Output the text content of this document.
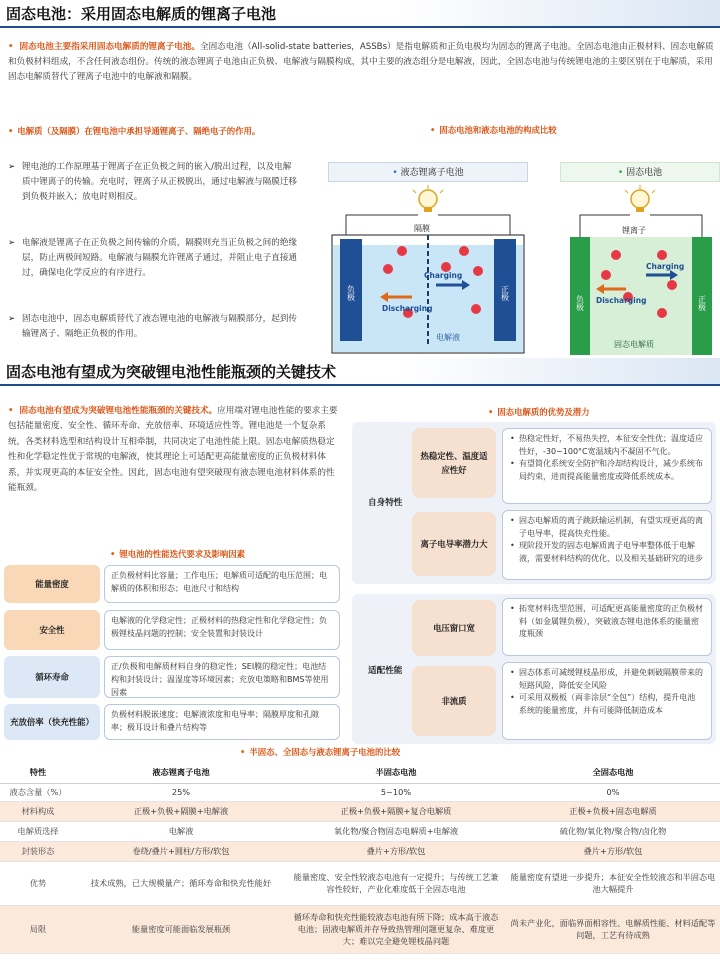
固态电池：采用固态电解质的锂离子电池
• 固态电池主要指采用固态电解质的锂离子电池。全固态电池（All-solid-state batteries，ASSBs）是指电解质和正负电极均为固态的锂离子电池。全固态电池由正极材料、固态电解质和负极材料组成，不含任何液态组份。传统的液态锂离子电池由正负极、电解液与隔膜构成，其中主要的液态组分是电解液，因此，全固态电池与传统锂电池的主要区别在于电解质，采用固态电解质替代了锂离子电池中的电解液和隔膜。
• 电解质（及隔膜）在锂电池中承担导通锂离子、隔绝电子的作用。
➢ 锂电池的工作原理基于锂离子在正负极之间的嵌入/脱出过程，以及电解质中锂离子的传输。充电时，锂离子从正极脱出，通过电解液与隔膜迁移到负极并嵌入；放电时则相反。
➢ 电解液是锂离子在正负极之间传输的介质，隔膜则充当正负极之间的绝缘层，防止两极间短路。电解液与隔膜允许锂离子通过，并阻止电子直接通过，确保电化学反应的有序进行。
➢ 固态电池中，固态电解质替代了液态锂电池的电解液与隔膜部分，起到传输锂离子、隔绝正负极的作用。
• 固态电池和液态电池的构成比较
• 液态锂离子电池
负极	正极
隔膜
Charging
Discharging
电解液
• 固态电池
锂离子
负极	正极
Charging
Discharging
固态电解质
固态电池有望成为突破锂电池性能瓶颈的关键技术
• 固态电池有望成为突破锂电池性能瓶颈的关键技术。应用端对锂电池性能的要求主要包括能量密度、安全性、循环寿命、充放倍率、环境适应性等。锂电池是一个复杂系统，各类材料选型和结构设计互相牵制，共同决定了电池性能上限。固态电解质热稳定性和化学稳定性优于常规的电解液，使其理论上可适配更高能量密度的正负极材料体系，并实现更高的本征安全性。因此，固态电池有望突破现有液态锂电池材料体系的性能瓶颈。
• 锂电池的性能迭代要求及影响因素
能量密度
正负极材料比容量；工作电压；电解质可适配的电压范围；电解质的体积和形态；电池尺寸和结构
安全性
电解液的化学稳定性；正极材料的热稳定性和化学稳定性；负极锂枝晶问题的控制；安全装置和封装设计
循环寿命
正/负极和电解质材料自身的稳定性；SEI膜的稳定性；电池结构和封装设计；温湿度等环境因素；充放电策略和BMS等使用因素
充放倍率（快充性能）
负极材料脱嵌速度；电解液浓度和电导率；隔膜厚度和孔隙率；极耳设计和叠片结构等
• 固态电解质的优势及潜力
自身特性
热稳定性、温度适应性好
• 热稳定性好，不易热失控，本征安全性优；温度适应性好，-30~100°C宽温域内不凝固不气化。
• 有望简化系统安全防护和冷却结构设计，减少系统布局约束，进而提高能量密度或降低系统成本。
离子电导率潜力大
• 固态电解质的离子跳跃输运机制，有望实现更高的离子电导率，提高快充性能。
• 现阶段开发的固态电解质离子电导率整体低于电解液，需要材料结构的优化、以及相关基础研究的进步
适配性能
电压窗口宽
• 拓宽材料选型范围，可适配更高能量密度的正负极材料（如金属锂负极），突破液态锂电池体系的能量密度瓶颈
非流质
• 固态体系可减缓锂枝晶形成，并避免刺破隔膜带来的短路风险，降低安全风险
• 可采用双极板（両非涂层“全包”）结构，提升电池系统的能量密度，并有可能降低制造成本
• 半固态、全固态与液态锂离子电池的比较
特性	液态锂离子电池	半固态电池	全固态电池
液态含量（%）	25%	5~10%	0%
材料构成	正极+负极+隔膜+电解液	正极+负极+隔膜+复合电解质	正极+负极+固态电解质
电解质选择	电解液	氧化物/聚合物固态电解质+电解液	硫化物/氧化物/聚合物/卤化物
封装形态	卷绕/叠片+圆柱/方形/软包	叠片+方形/软包	叠片+方形/软包
优势	技术成熟，已大规模量产；循环寿命和快充性能好	能量密度、安全性较液态电池有一定提升；与传统工艺兼容性较好，产业化难度低于全固态电池	能量密度有望进一步提升；本征安全性较液态和半固态电池大幅提升
局限	能量密度可能面临发展瓶颈	循环寿命和快充性能较液态电池有所下降；成本高于液态电池；固液电解质并存导致热管理问题更复杂、难度更大；难以完全避免锂枝晶问题	尚未产业化，面临界面相容性、电解质性能、材料适配等问题，工艺有待成熟
